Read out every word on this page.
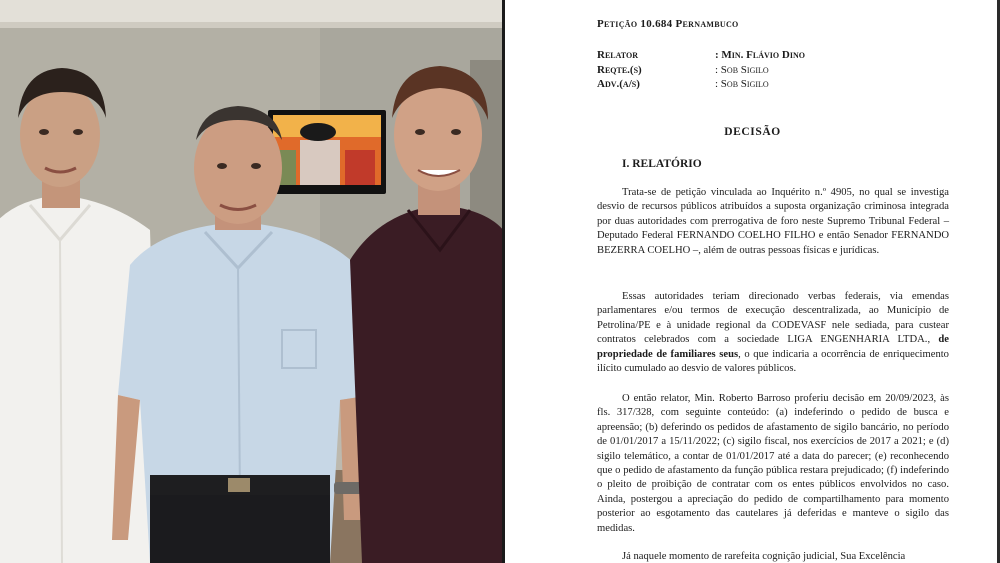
Petição 10.684 Pernambuco
Relator	: Min. Flávio Dino
Reqte.(s)	: Sob Sigilo
Adv.(a/s)	: Sob Sigilo
DECISÃO
I. RELATÓRIO

Trata-se de petição vinculada ao Inquérito n.º 4905, no qual se investiga desvio de recursos públicos atribuídos a suposta organização criminosa integrada por duas autoridades com prerrogativa de foro neste Supremo Tribunal Federal – Deputado Federal FERNANDO COELHO FILHO e então Senador FERNANDO BEZERRA COELHO –, além de outras pessoas físicas e jurídicas.

Essas autoridades teriam direcionado verbas federais, via emendas parlamentares e/ou termos de execução descentralizada, ao Município de Petrolina/PE e à unidade regional da CODEVASF nele sediada, para custear contratos celebrados com a sociedade LIGA ENGENHARIA LTDA., de propriedade de familiares seus, o que indicaria a ocorrência de enriquecimento ilícito cumulado ao desvio de valores públicos.

O então relator, Min. Roberto Barroso proferiu decisão em 20/09/2023, às fls. 317/328, com seguinte conteúdo: (a) indeferindo o pedido de busca e apreensão; (b) deferindo os pedidos de afastamento de sigilo bancário, no período de 01/01/2017 a 15/11/2022; (c) sigilo fiscal, nos exercícios de 2017 a 2021; e (d) sigilo telemático, a contar de 01/01/2017 até a data do parecer; (e) reconhecendo que o pedido de afastamento da função pública restara prejudicado; (f) indeferindo o pleito de proibição de contratar com os entes públicos envolvidos no caso. Ainda, postergou a apreciação do pedido de compartilhamento para momento posterior ao esgotamento das cautelares já deferidas e manteve o sigilo das medidas.

Já naquele momento de rarefeita cognição judicial, Sua Excelência
